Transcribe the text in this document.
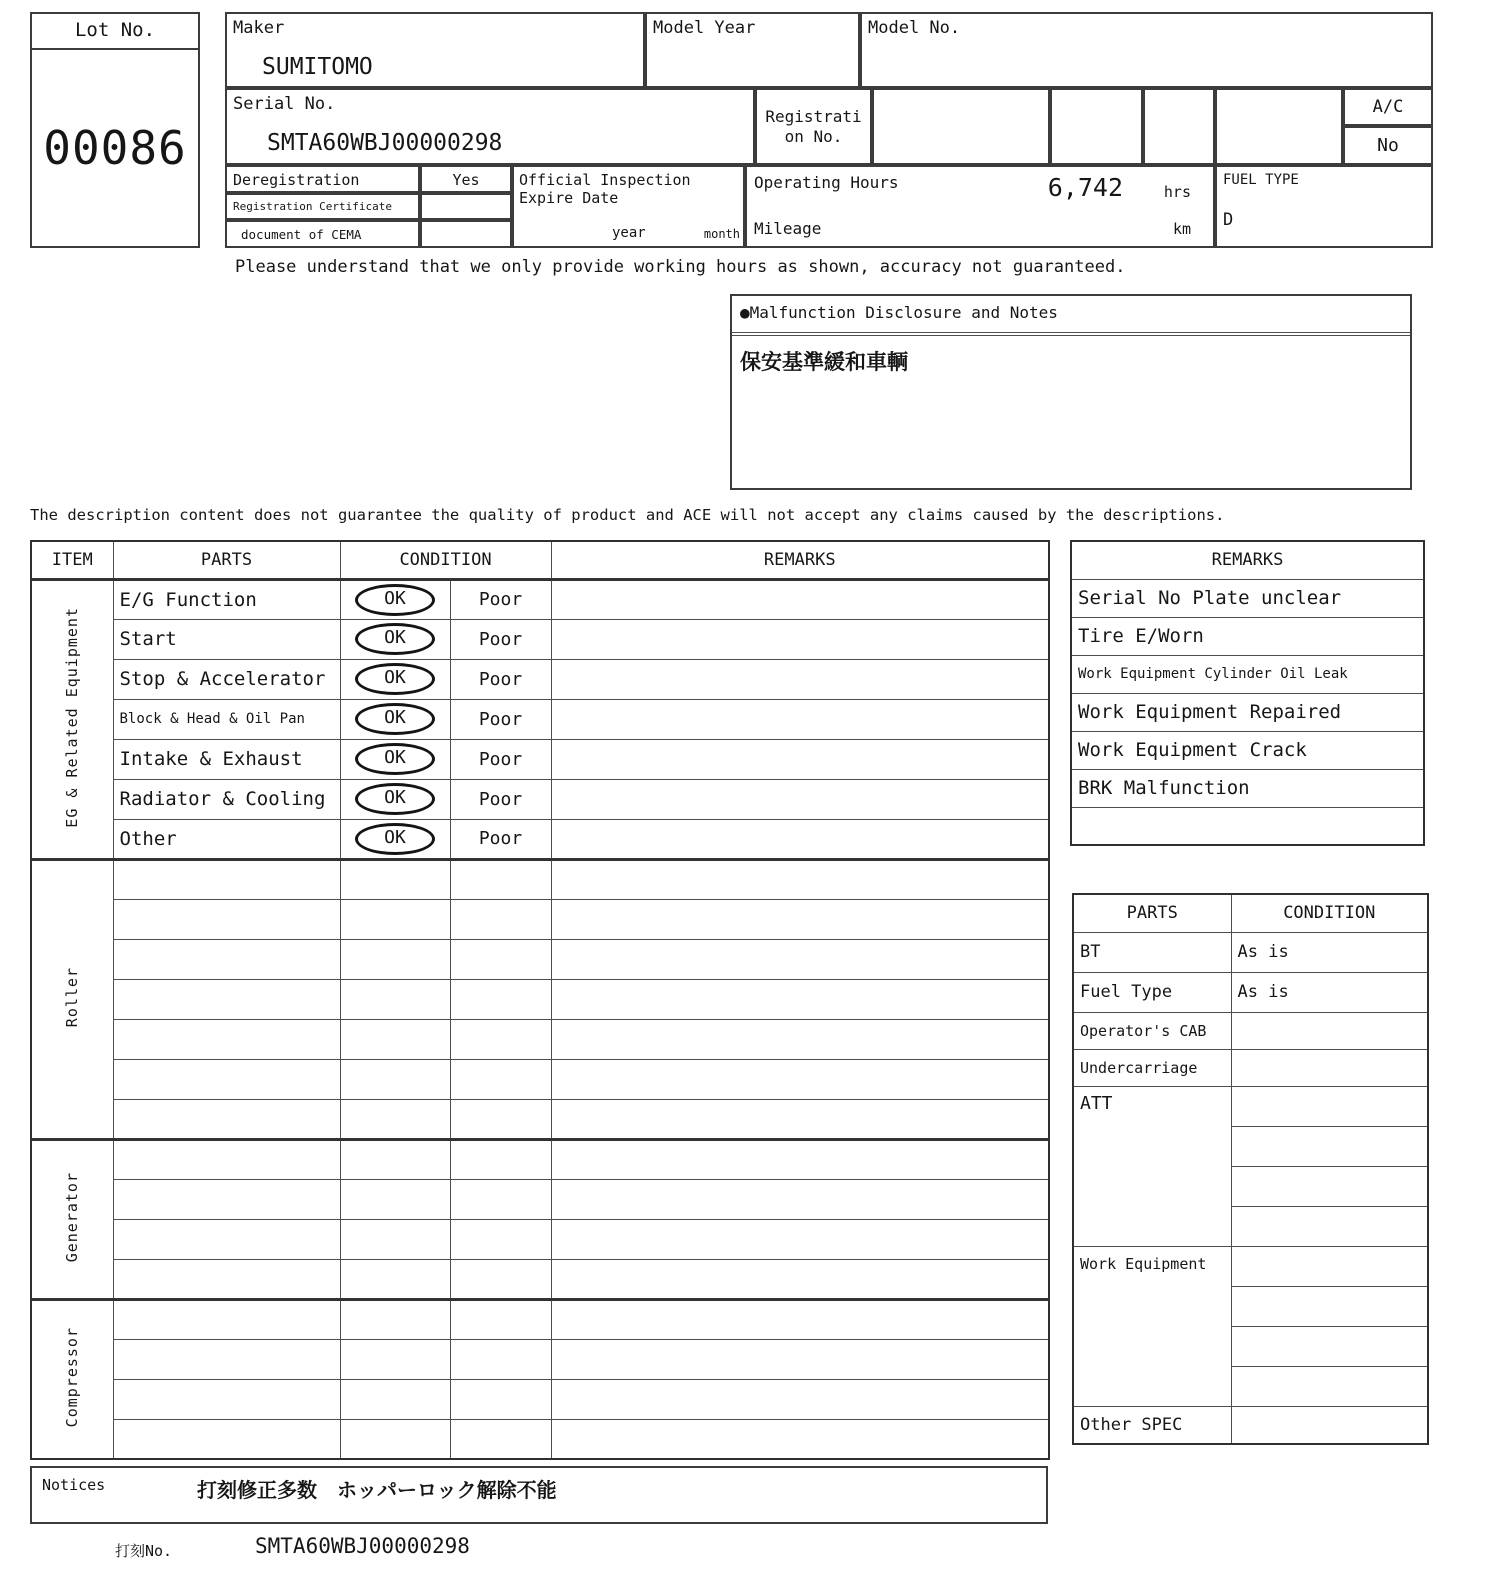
Lot No.
00086
Maker
SUMITOMO
Model Year	Model No.
Serial No.
SMTA60WBJ00000298
Registrati on No.
A/C
No
Deregistration	Yes
Registration Certificate
document of CEMA
Official Inspection
Expire Date
year	month
Operating Hours	6,742	hrs
Mileage	km
FUEL TYPE
D
Please understand that we only provide working hours as shown, accuracy not guaranteed.
●Malfunction Disclosure and Notes
保安基準緩和車輌
The description content does not guarantee the quality of product and ACE will not accept any claims caused by the descriptions.
ITEM	PARTS	CONDITION		REMARKS
EG & Related Equipment	E/G Function	OK	Poor	
	Start	OK	Poor	
	Stop & Accelerator	OK	Poor	
	Block & Head & Oil Pan	OK	Poor	
	Intake & Exhaust	OK	Poor	
	Radiator & Cooling	OK	Poor	
	Other	OK	Poor	
Roller				

Generator				

Compressor				

REMARKS
Serial No Plate unclear
Tire E/Worn
Work Equipment Cylinder Oil Leak
Work Equipment Repaired
Work Equipment Crack
BRK Malfunction

PARTS	CONDITION
BT	As is
Fuel Type	As is
Operator's CAB	
Undercarriage	
ATT	

Work Equipment	

Other SPEC	
Notices	打刻修正多数　ホッパーロック解除不能
打刻No.	SMTA60WBJ00000298
